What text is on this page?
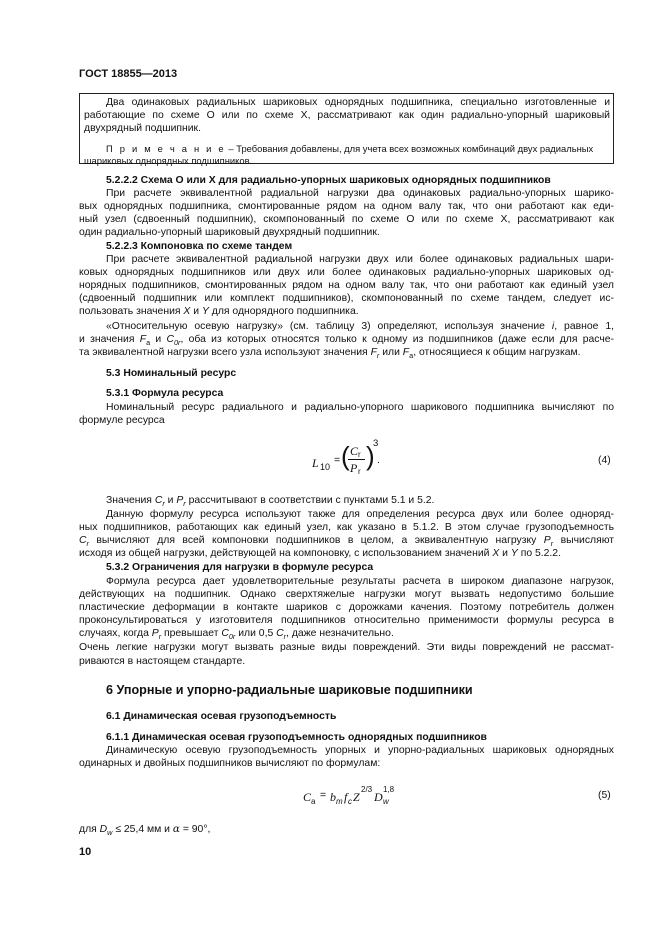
ГОСТ 18855—2013
Два одинаковых радиальных шариковых однорядных подшипника, специально изготовленные и
работающие по схеме О или по схеме Х, рассматривают как один радиально-упорный шариковый
двухрядный подшипник.
П р и м е ч а н и е – Требования добавлены, для учета всех возможных комбинаций двух радиальных
шариковых однорядных подшипников.
5.2.2.2 Схема О или Х для радиально-упорных шариковых однорядных подшипников
При расчете эквивалентной радиальной нагрузки два одинаковых радиально-упорных шарико-
вых однорядных подшипника, смонтированные рядом на одном валу так, что они работают как еди-
ный узел (сдвоенный подшипник), скомпонованный по схеме О или по схеме Х, рассматривают как
один радиально-упорный шариковый двухрядный подшипник.
5.2.2.3 Компоновка по схеме тандем
При расчете эквивалентной радиальной нагрузки двух или более одинаковых радиальных шари-
ковых однорядных подшипников или двух или более одинаковых радиально-упорных шариковых од-
норядных подшипников, смонтированных рядом на одном валу так, что они работают как единый узел
(сдвоенный подшипник или комплект подшипников), скомпонованный по схеме тандем, следует ис-
пользовать значения X и Y для однорядного подшипника.
«Относительную осевую нагрузку» (см. таблицу 3) определяют, используя значение i, равное 1,
и значения $F_a$ и $C_{0r}$, оба из которых относятся только к одному из подшипников (даже если для расче-
та эквивалентной нагрузки всего узла используют значения $F_r$ или $F_a$, относящиеся к общим нагрузкам.
5.3 Номинальный ресурс
5.3.1 Формула ресурса
Номинальный ресурс радиального и радиально-упорного шарикового подшипника вычисляют по
формуле ресурса
L 10
= ( C r
P r
)
3
.	(4)
Значения $C_r$ и $P_r$ рассчитывают в соответствии с пунктами 5.1 и 5.2.
Данную формулу ресурса используют также для определения ресурса двух или более одноряд-
ных подшипников, работающих как единый узел, как указано в 5.1.2. В этом случае грузоподъемность
$C_r$ вычисляют для всей компоновки подшипников в целом, а эквивалентную нагрузку $P_r$ вычисляют
исходя из общей нагрузки, действующей на компоновку, с использованием значений X и Y по 5.2.2.
5.3.2 Ограничения для нагрузки в формуле ресурса
Формула ресурса дает удовлетворительные результаты расчета в широком диапазоне нагрузок,
действующих на подшипник. Однако сверхтяжелые нагрузки могут вызвать недопустимо большие
пластические деформации в контакте шариков с дорожками качения. Поэтому потребитель должен
проконсультироваться у изготовителя подшипников относительно применимости формулы ресурса в
случаях, когда $P_r$ превышает $C_{0r}$ или 0,5 $C_r$, даже незначительно.
Очень легкие нагрузки могут вызвать разные виды повреждений. Эти виды повреждений не рассмат-
риваются в настоящем стандарте.
6 Упорные и упорно-радиальные шариковые подшипники
6.1 Динамическая осевая грузоподъемность
6.1.1 Динамическая осевая грузоподъемность однорядных подшипников
Динамическую осевую грузоподъемность упорных и упорно-радиальных шариковых однорядных
одинарных и двойных подшипников вычисляют по формулам:
C a
= b m f c Z
2/3
D w
1,8
(5)
для $D_w \le 25,4$ мм и α = 90°,
10
